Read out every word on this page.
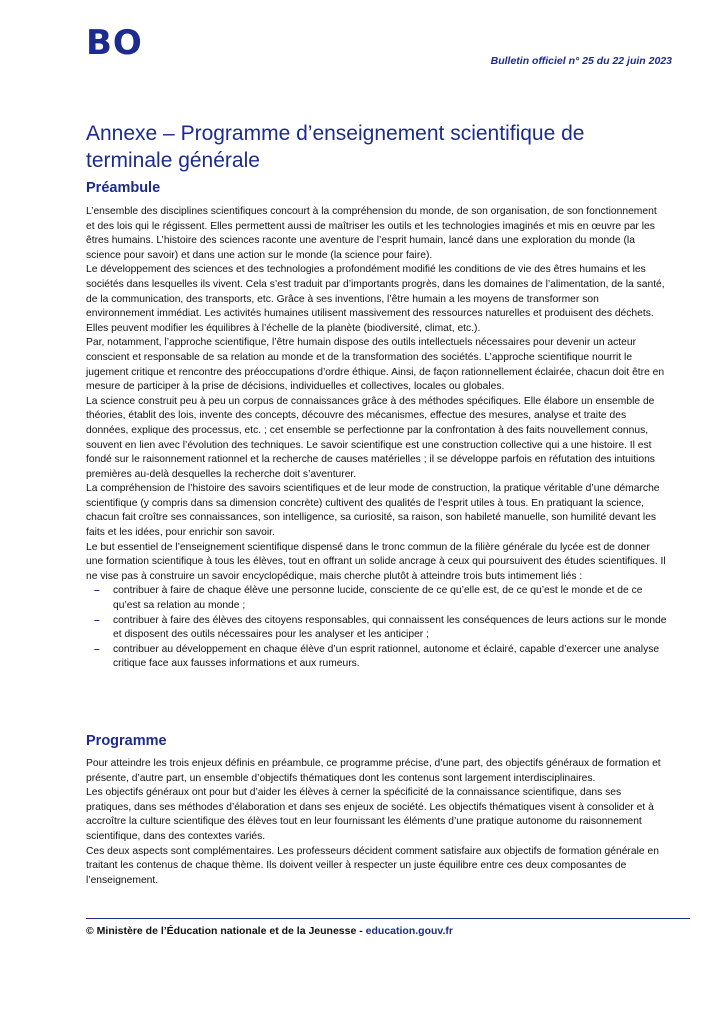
BO	Bulletin officiel n° 25 du 22 juin 2023
Annexe – Programme d’enseignement scientifique de terminale générale
Préambule

L’ensemble des disciplines scientifiques concourt à la compréhension du monde, de son organisation, de son fonctionnement et des lois qui le régissent. Elles permettent aussi de maîtriser les outils et les technologies imaginés et mis en œuvre par les êtres humains. L’histoire des sciences raconte une aventure de l’esprit humain, lancé dans une exploration du monde (la science pour savoir) et dans une action sur le monde (la science pour faire).

Le développement des sciences et des technologies a profondément modifié les conditions de vie des êtres humains et les sociétés dans lesquelles ils vivent. Cela s’est traduit par d’importants progrès, dans les domaines de l’alimentation, de la santé, de la communication, des transports, etc. Grâce à ses inventions, l’être humain a les moyens de transformer son environnement immédiat. Les activités humaines utilisent massivement des ressources naturelles et produisent des déchets. Elles peuvent modifier les équilibres à l’échelle de la planète (biodiversité, climat, etc.).

Par, notamment, l’approche scientifique, l’être humain dispose des outils intellectuels nécessaires pour devenir un acteur conscient et responsable de sa relation au monde et de la transformation des sociétés. L’approche scientifique nourrit le jugement critique et rencontre des préoccupations d’ordre éthique. Ainsi, de façon rationnellement éclairée, chacun doit être en mesure de participer à la prise de décisions, individuelles et collectives, locales ou globales.

La science construit peu à peu un corpus de connaissances grâce à des méthodes spécifiques. Elle élabore un ensemble de théories, établit des lois, invente des concepts, découvre des mécanismes, effectue des mesures, analyse et traite des données, explique des processus, etc. ; cet ensemble se perfectionne par la confrontation à des faits nouvellement connus, souvent en lien avec l’évolution des techniques. Le savoir scientifique est une construction collective qui a une histoire. Il est fondé sur le raisonnement rationnel et la recherche de causes matérielles ; il se développe parfois en réfutation des intuitions premières au-delà desquelles la recherche doit s’aventurer.

La compréhension de l’histoire des savoirs scientifiques et de leur mode de construction, la pratique véritable d’une démarche scientifique (y compris dans sa dimension concrète) cultivent des qualités de l’esprit utiles à tous. En pratiquant la science, chacun fait croître ses connaissances, son intelligence, sa curiosité, sa raison, son habileté manuelle, son humilité devant les faits et les idées, pour enrichir son savoir.

Le but essentiel de l’enseignement scientifique dispensé dans le tronc commun de la filière générale du lycée est de donner une formation scientifique à tous les élèves, tout en offrant un solide ancrage à ceux qui poursuivent des études scientifiques. Il ne vise pas à construire un savoir encyclopédique, mais cherche plutôt à atteindre trois buts intimement liés :

– contribuer à faire de chaque élève une personne lucide, consciente de ce qu’elle est, de ce qu’est le monde et de ce qu’est sa relation au monde ;
– contribuer à faire des élèves des citoyens responsables, qui connaissent les conséquences de leurs actions sur le monde et disposent des outils nécessaires pour les analyser et les anticiper ;
– contribuer au développement en chaque élève d’un esprit rationnel, autonome et éclairé, capable d’exercer une analyse critique face aux fausses informations et aux rumeurs.
Programme

Pour atteindre les trois enjeux définis en préambule, ce programme précise, d’une part, des objectifs généraux de formation et présente, d’autre part, un ensemble d’objectifs thématiques dont les contenus sont largement interdisciplinaires.

Les objectifs généraux ont pour but d’aider les élèves à cerner la spécificité de la connaissance scientifique, dans ses pratiques, dans ses méthodes d’élaboration et dans ses enjeux de société. Les objectifs thématiques visent à consolider et à accroître la culture scientifique des élèves tout en leur fournissant les éléments d’une pratique autonome du raisonnement scientifique, dans des contextes variés.

Ces deux aspects sont complémentaires. Les professeurs décident comment satisfaire aux objectifs de formation générale en traitant les contenus de chaque thème. Ils doivent veiller à respecter un juste équilibre entre ces deux composantes de l’enseignement.

© Ministère de l’Éducation nationale et de la Jeunesse - education.gouv.fr
